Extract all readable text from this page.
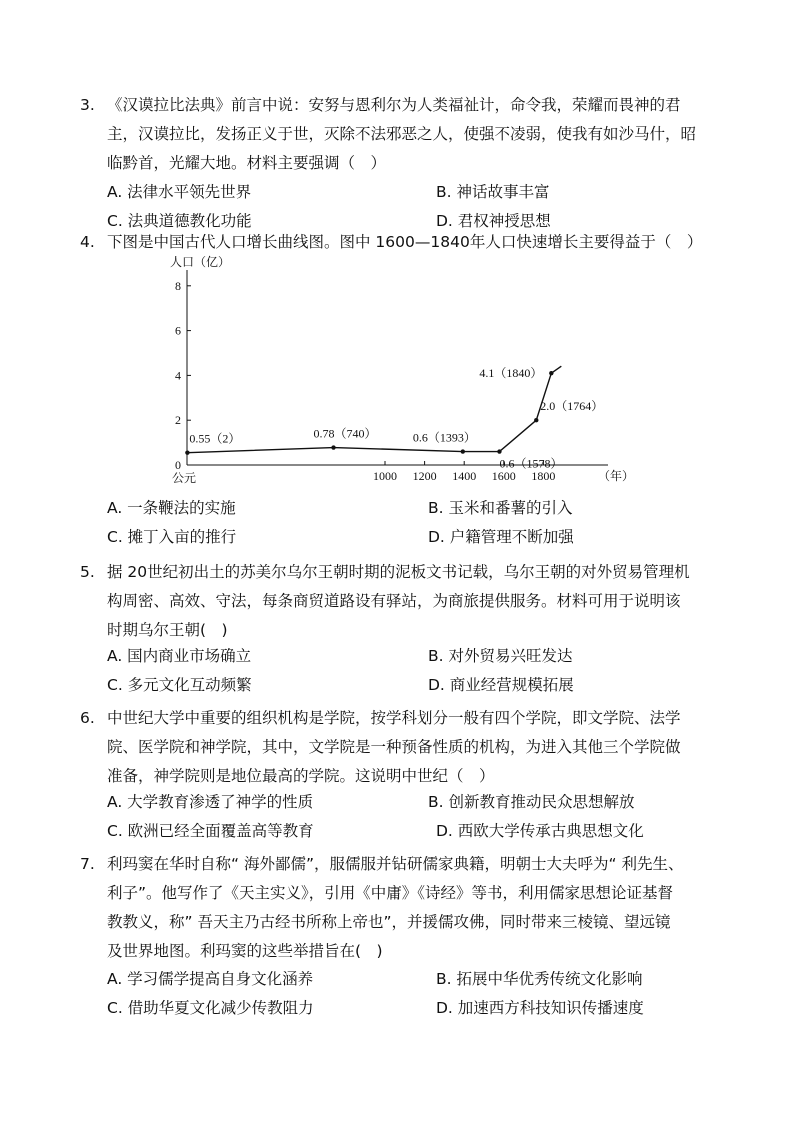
3. 《汉谟拉比法典》前言中说：安努与恩利尔为人类福祉计，命令我，荣耀而畏神的君
主，汉谟拉比，发扬正义于世，灭除不法邪恶之人，使强不凌弱，使我有如沙马什，昭
临黔首，光耀大地。材料主要强调（　）
A. 法律水平领先世界	B. 神话故事丰富
C. 法典道德教化功能	D. 君权神授思想
4. 下图是中国古代人口增长曲线图。图中 1600—1840年人口快速增长主要得益于（　）
人口（亿）
8
6
4
2
0
1000 1200 1400 1600 1800
公元	（年）
0.55（2）	0.78（740）	0.6（1393）
0.6（1578）
2.0（1764）
4.1（1840）
A. 一条鞭法的实施	B. 玉米和番薯的引入
C. 摊丁入亩的推行	D. 户籍管理不断加强
5. 据 20世纪初出土的苏美尔乌尔王朝时期的泥板文书记载，乌尔王朝的对外贸易管理机
构周密、高效、守法，每条商贸道路设有驿站，为商旅提供服务。材料可用于说明该
时期乌尔王朝(　)
A. 国内商业市场确立	B. 对外贸易兴旺发达
C. 多元文化互动频繁	D. 商业经营规模拓展
6. 中世纪大学中重要的组织机构是学院，按学科划分一般有四个学院，即文学院、法学
院、医学院和神学院，其中，文学院是一种预备性质的机构，为进入其他三个学院做
准备，神学院则是地位最高的学院。这说明中世纪（　）
A. 大学教育渗透了神学的性质	B. 创新教育推动民众思想解放
C. 欧洲已经全面覆盖高等教育	D. 西欧大学传承古典思想文化
7. 利玛窦在华时自称“ 海外鄙儒”，服儒服并钻研儒家典籍，明朝士大夫呼为“ 利先生、
利子”。他写作了《天主实义》，引用《中庸》《诗经》等书，利用儒家思想论证基督
教教义，称” 吾天主乃古经书所称上帝也”，并援儒攻佛，同时带来三棱镜、望远镜
及世界地图。利玛窦的这些举措旨在(　)
A. 学习儒学提高自身文化涵养	B. 拓展中华优秀传统文化影响
C. 借助华夏文化减少传教阻力	D. 加速西方科技知识传播速度
